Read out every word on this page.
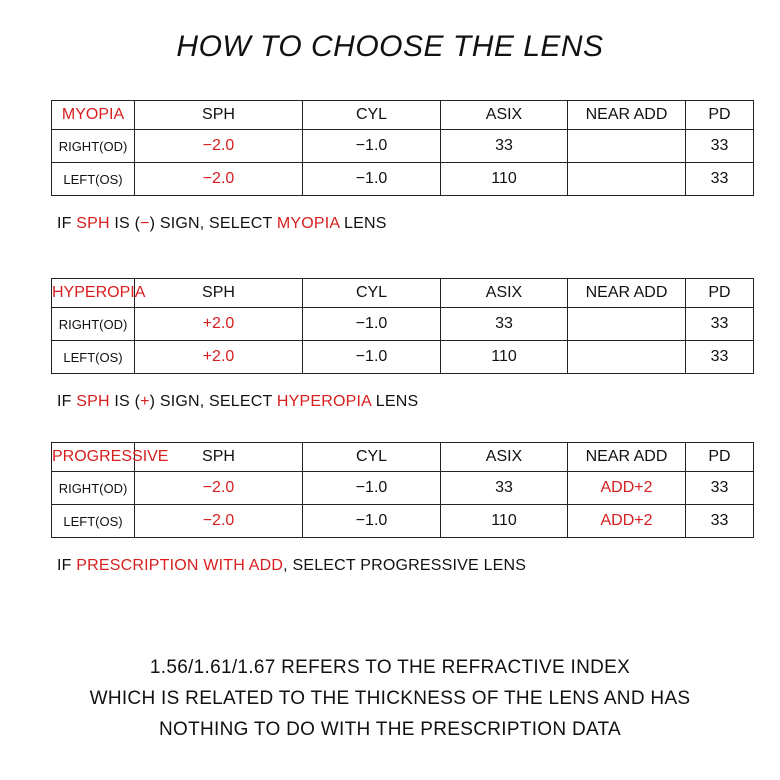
HOW TO CHOOSE THE LENS
MYOPIA	SPH	CYL	ASIX	NEAR ADD	PD
RIGHT(OD)	−2.0	−1.0	33		33
LEFT(OS)	−2.0	−1.0	110		33
IF SPH IS (−) SIGN, SELECT MYOPIA LENS
HYPEROPIA	SPH	CYL	ASIX	NEAR ADD	PD
RIGHT(OD)	+2.0	−1.0	33		33
LEFT(OS)	+2.0	−1.0	110		33
IF SPH IS (+) SIGN, SELECT HYPEROPIA LENS
PROGRESSIVE	SPH	CYL	ASIX	NEAR ADD	PD
RIGHT(OD)	−2.0	−1.0	33	ADD+2	33
LEFT(OS)	−2.0	−1.0	110	ADD+2	33
IF PRESCRIPTION WITH ADD, SELECT PROGRESSIVE LENS
1.56/1.61/1.67 REFERS TO THE REFRACTIVE INDEX
WHICH IS RELATED TO THE THICKNESS OF THE LENS AND HAS
NOTHING TO DO WITH THE PRESCRIPTION DATA
